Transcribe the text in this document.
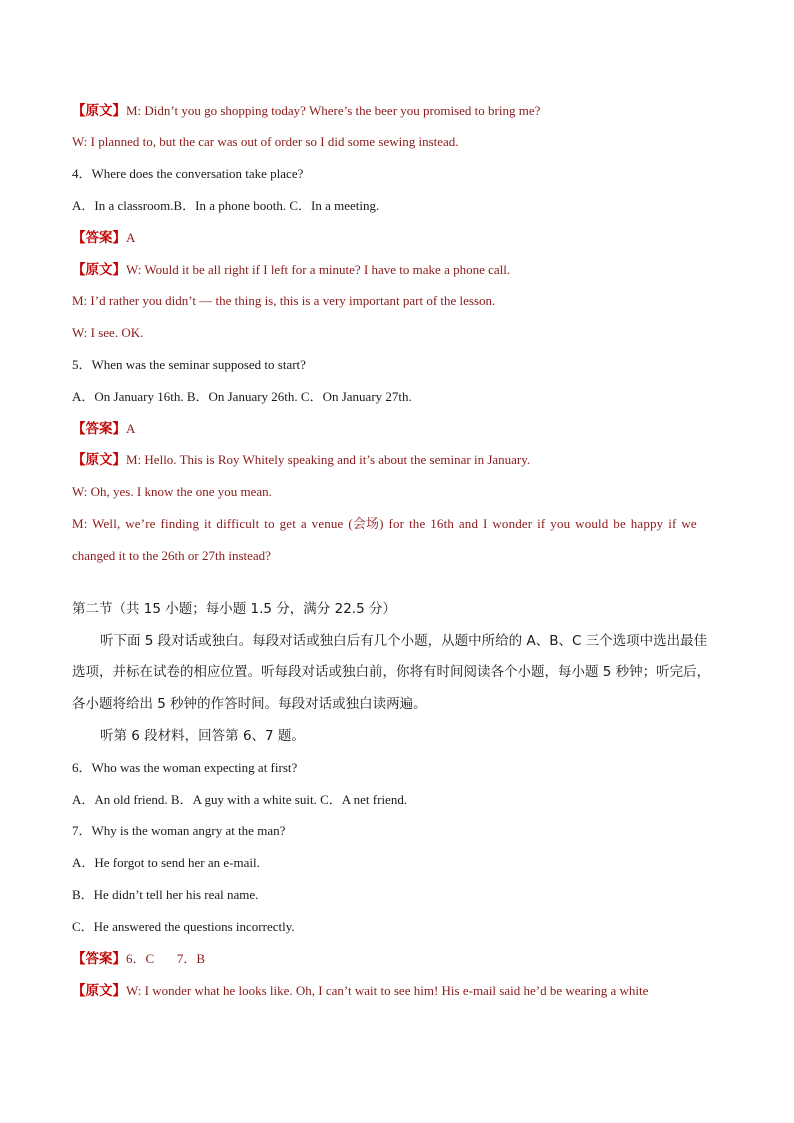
【原文】M: Didn’t you go shopping today? Where’s the beer you promised to bring me?
W: I planned to, but the car was out of order so I did some sewing instead.
4．Where does the conversation take place?
A．In a classroom.B．In a phone booth. C．In a meeting.
【答案】A
【原文】W: Would it be all right if I left for a minute? I have to make a phone call.
M: I’d rather you didn’t — the thing is, this is a very important part of the lesson.
W: I see. OK.
5．When was the seminar supposed to start?
A．On January 16th. B．On January 26th. C．On January 27th.
【答案】A
【原文】M: Hello. This is Roy Whitely speaking and it’s about the seminar in January.
W: Oh, yes. I know the one you mean.
M: Well, we’re finding it difficult to get a venue (会场) for the 16th and I wonder if you would be happy if we
changed it to the 26th or 27th instead?
第二节（共 15 小题；每小题 1.5 分，满分 22.5 分）
听下面 5 段对话或独白。每段对话或独白后有几个小题，从题中所给的 A、B、C 三个选项中选出最佳
选项，并标在试卷的相应位置。听每段对话或独白前，你将有时间阅读各个小题，每小题 5 秒钟；听完后，
各小题将给出 5 秒钟的作答时间。每段对话或独白读两遍。
听第 6 段材料，回答第 6、7 题。
6．Who was the woman expecting at first?
A．An old friend. B．A guy with a white suit. C．A net friend.
7．Why is the woman angry at the man?
A．He forgot to send her an e-mail.
B．He didn’t tell her his real name.
C．He answered the questions incorrectly.
【答案】6．C       7．B
【原文】W: I wonder what he looks like. Oh, I can’t wait to see him! His e-mail said he’d be wearing a white
